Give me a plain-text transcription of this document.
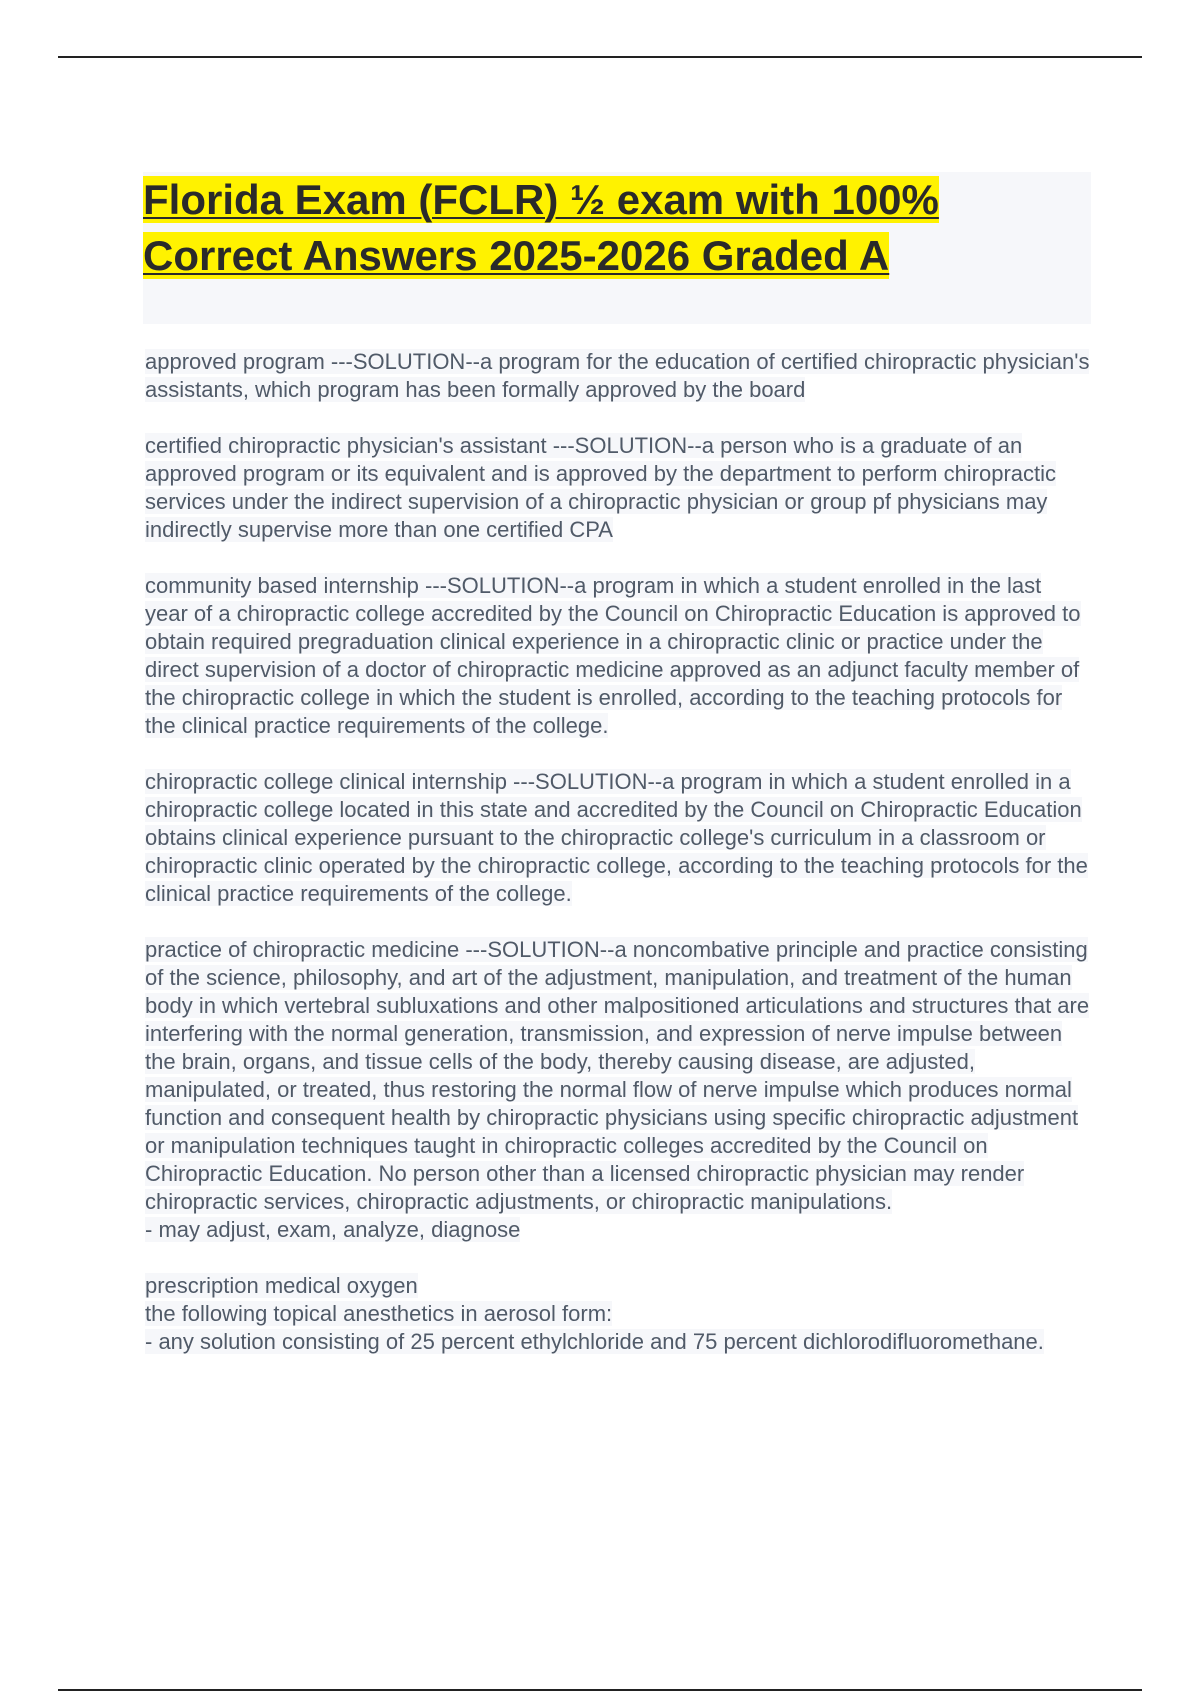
Florida Exam (FCLR) ½ exam with 100%
Correct Answers 2025-2026 Graded A

approved program ---SOLUTION--a program for the education of certified chiropractic physician's assistants, which program has been formally approved by the board

certified chiropractic physician's assistant ---SOLUTION--a person who is a graduate of an approved program or its equivalent and is approved by the department to perform chiropractic services under the indirect supervision of a chiropractic physician or group pf physicians may indirectly supervise more than one certified CPA

community based internship ---SOLUTION--a program in which a student enrolled in the last year of a chiropractic college accredited by the Council on Chiropractic Education is approved to obtain required pregraduation clinical experience in a chiropractic clinic or practice under the direct supervision of a doctor of chiropractic medicine approved as an adjunct faculty member of the chiropractic college in which the student is enrolled, according to the teaching protocols for the clinical practice requirements of the college.

chiropractic college clinical internship ---SOLUTION--a program in which a student enrolled in a chiropractic college located in this state and accredited by the Council on Chiropractic Education obtains clinical experience pursuant to the chiropractic college's curriculum in a classroom or chiropractic clinic operated by the chiropractic college, according to the teaching protocols for the clinical practice requirements of the college.

practice of chiropractic medicine ---SOLUTION--a noncombative principle and practice consisting of the science, philosophy, and art of the adjustment, manipulation, and treatment of the human body in which vertebral subluxations and other malpositioned articulations and structures that are interfering with the normal generation, transmission, and expression of nerve impulse between the brain, organs, and tissue cells of the body, thereby causing disease, are adjusted, manipulated, or treated, thus restoring the normal flow of nerve impulse which produces normal function and consequent health by chiropractic physicians using specific chiropractic adjustment or manipulation techniques taught in chiropractic colleges accredited by the Council on Chiropractic Education. No person other than a licensed chiropractic physician may render chiropractic services, chiropractic adjustments, or chiropractic manipulations.
- may adjust, exam, analyze, diagnose

prescription medical oxygen
the following topical anesthetics in aerosol form:
- any solution consisting of 25 percent ethylchloride and 75 percent dichlorodifluoromethane.
